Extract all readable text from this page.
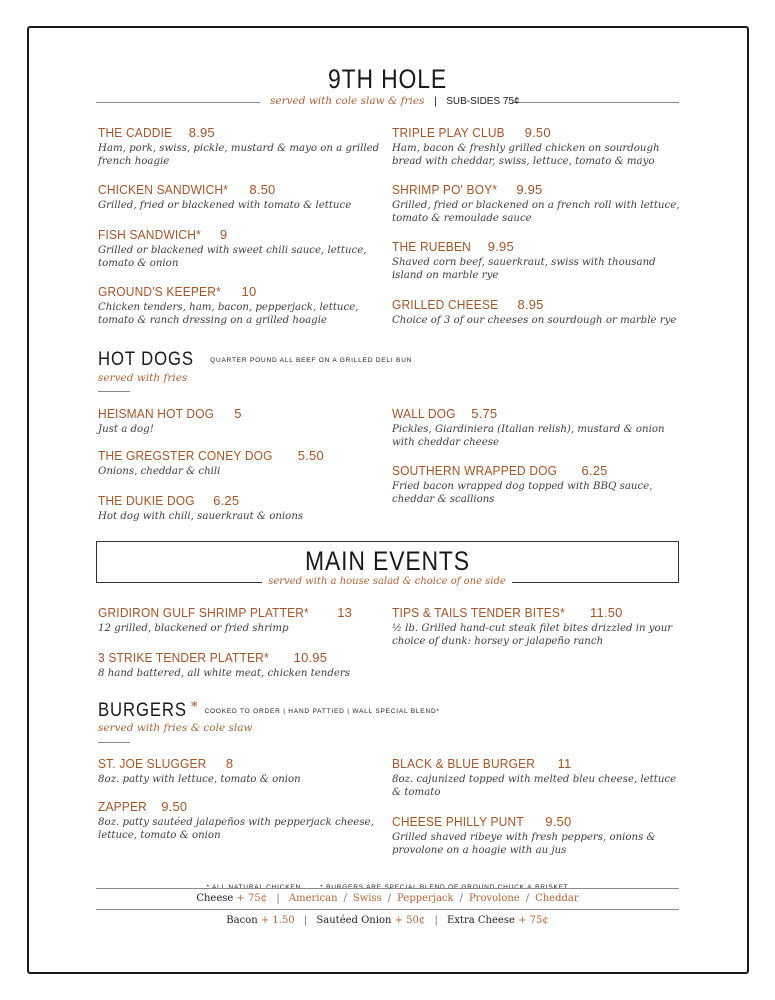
9TH HOLE
served with cole slaw & fries | SUB-SIDES 75¢
THE CADDIE 8.95
Ham, pork, swiss, pickle, mustard & mayo on a grilled french hoagie
CHICKEN SANDWICH* 8.50
Grilled, fried or blackened with tomato & lettuce
FISH SANDWICH* 9
Grilled or blackened with sweet chili sauce, lettuce, tomato & onion
GROUND'S KEEPER* 10
Chicken tenders, ham, bacon, pepperjack, lettuce, tomato & ranch dressing on a grilled hoagie
TRIPLE PLAY CLUB 9.50
Ham, bacon & freshly grilled chicken on sourdough bread with cheddar, swiss, lettuce, tomato & mayo
SHRIMP PO' BOY* 9.95
Grilled, fried or blackened on a french roll with lettuce, tomato & remoulade sauce
THE RUEBEN 9.95
Shaved corn beef, sauerkraut, swiss with thousand island on marble rye
GRILLED CHEESE 8.95
Choice of 3 of our cheeses on sourdough or marble rye
HOT DOGS QUARTER POUND ALL BEEF ON A GRILLED DELI BUN
served with fries
HEISMAN HOT DOG 5
Just a dog!
THE GREGSTER CONEY DOG 5.50
Onions, cheddar & chili
THE DUKIE DOG 6.25
Hot dog with chili, sauerkraut & onions
WALL DOG 5.75
Pickles, Giardiniera (Italian relish), mustard & onion with cheddar cheese
SOUTHERN WRAPPED DOG 6.25
Fried bacon wrapped dog topped with BBQ sauce, cheddar & scallions
MAIN EVENTS
served with a house salad & choice of one side
GRIDIRON GULF SHRIMP PLATTER* 13
12 grilled, blackened or fried shrimp
3 STRIKE TENDER PLATTER* 10.95
8 hand battered, all white meat, chicken tenders
TIPS & TAILS TENDER BITES* 11.50
½ lb. Grilled hand-cut steak filet bites drizzled in your choice of dunk: horsey or jalapeño ranch
BURGERS * COOKED TO ORDER | HAND PATTIED | WALL SPECIAL BLEND*
served with fries & cole slaw
ST. JOE SLUGGER 8
8oz. patty with lettuce, tomato & onion
ZAPPER 9.50
8oz. patty sautéed jalapeños with pepperjack cheese, lettuce, tomato & onion
BLACK & BLUE BURGER 11
8oz. cajunized topped with melted bleu cheese, lettuce & tomato
CHEESE PHILLY PUNT 9.50
Grilled shaved ribeye with fresh peppers, onions & provolone on a hoagie with au jus
Cheese + 75¢ | American / Swiss / Pepperjack / Provolone / Cheddar
Bacon + 1.50 | Sautéed Onion + 50¢ | Extra Cheese + 75¢
